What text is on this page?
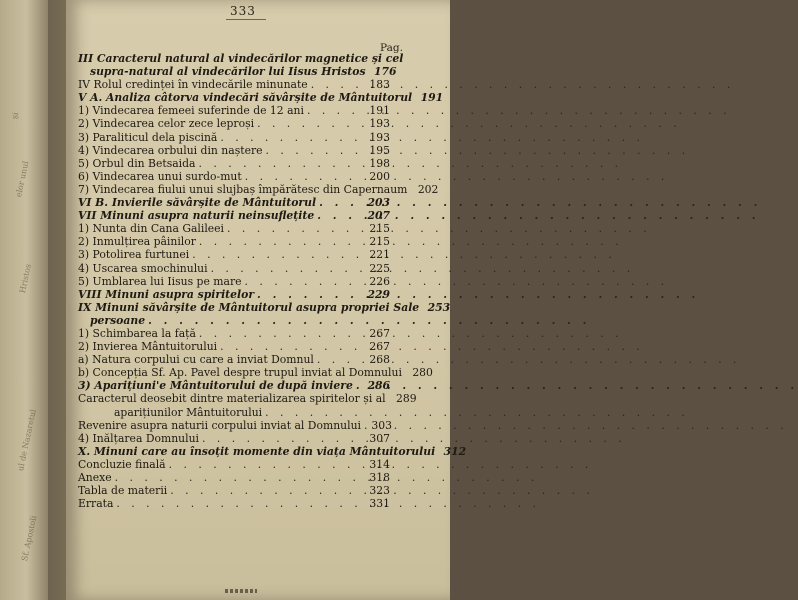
și
elor unul
Hristos
ul de Nazaretul
Sf. Apostoli
333
Pag.
III Caracterul natural al vindecărilor magnetice și cel
supra-natural al vindecărilor lui Iisus Hristos 176
IV Rolul credinței în vindecările minunate . . .	183
V A. Analiza câtorva vindecări săvârșite de Mântuitorul 191
1) Vindecarea femeei suferinde de 12 ani . . .	191
2) Vindecarea celor zece leproși . . .	193
3) Paraliticul dela piscină . . .	193
4) Vindecarea orbului din naștere . . .	195
5) Orbul din Betsaida . . .	198
6) Vindecarea unui surdo-mut . . .	200
7) Vindecarea fiului unui slujbaș împărătesc din Capernaum 202
VI B. Invierile săvârșite de Mântuitorul . . .	203
VII Minuni asupra naturii neinsuflețite . . .	207
1) Nunta din Cana Galileei . . .	215
2) Inmulțirea pâinilor . . .	215
3) Potolirea furtunei . . .	221
4) Uscarea smochinului . . .	225
5) Umblarea lui Iisus pe mare . . .	226
VIII Minuni asupra spiritelor . . .	229
IX Minuni săvârșite de Mântuitorul asupra propriei Sale 253
persoane
. . .
1) Schimbarea la față . . .	267
2) Invierea Mântuitorului . . .	267
a) Natura corpului cu care a inviat Domnul . . .	268
b) Concepția Sf. Ap. Pavel despre trupul inviat al Domnului 280
3) Aparițiuni'e Mântuitorului de după inviere . . . 286
Caracterul deosebit dintre materializarea spiritelor și al 289
aparițiunilor Mântuitorului
. . .
Revenire asupra naturii corpului inviat al Domnului . . . 303
4) Inălțarea Domnului . . .	307
X. Minuni care au însoțit momente din viața Mântuitorului 312
Concluzie finală . . .	314
Anexe . . .	318
Tabla de materii . . .	323
Errata . . .	331
